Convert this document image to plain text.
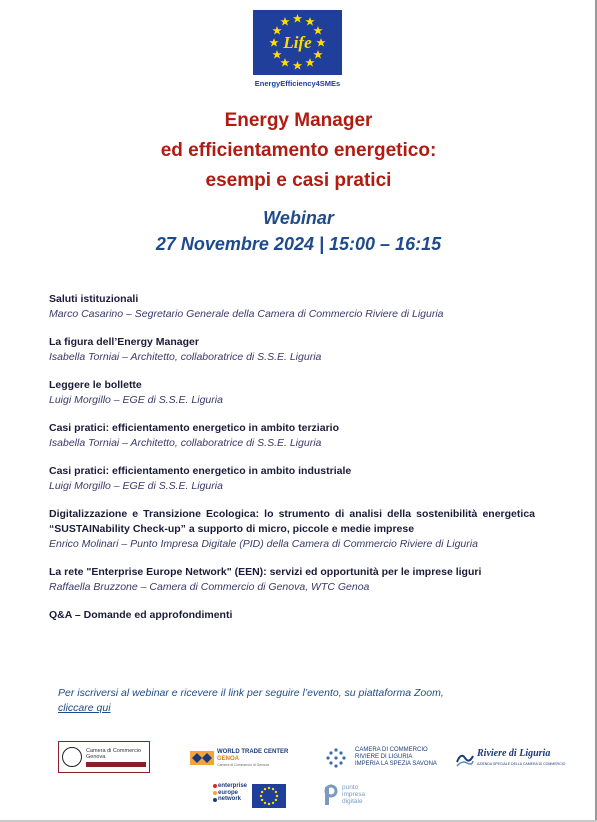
Life
EnergyEfficiency4SMEs
Energy Manager
ed efficientamento energetico:
esempi e casi pratici
Webinar
27 Novembre 2024 | 15:00 – 16:15
Saluti istituzionali
Marco Casarino – Segretario Generale della Camera di Commercio Riviere di Liguria
La figura dell’Energy Manager
Isabella Torniai – Architetto, collaboratrice di S.S.E. Liguria
Leggere le bollette
Luigi Morgillo – EGE di S.S.E. Liguria
Casi pratici: efficientamento energetico in ambito terziario
Isabella Torniai – Architetto, collaboratrice di S.S.E. Liguria
Casi pratici: efficientamento energetico in ambito industriale
Luigi Morgillo – EGE di S.S.E. Liguria
Digitalizzazione e Transizione Ecologica: lo strumento di analisi della sostenibilità energetica “SUSTAINability Check-up” a supporto di micro, piccole e medie imprese
Enrico Molinari – Punto Impresa Digitale (PID) della Camera di Commercio Riviere di Liguria
La rete "Enterprise Europe Network" (EEN): servizi ed opportunità per le imprese liguri
Raffaella Bruzzone – Camera di Commercio di Genova, WTC Genoa
Q&A – Domande ed approfondimenti
Per iscriversi al webinar e ricevere il link per seguire l’evento, su piattaforma Zoom,
cliccare qui
Camera di Commercio
Genova
WORLD TRADE CENTER
GENOA
Camera di Commercio di Genova
CAMERA DI COMMERCIO
RIVIERE DI LIGURIA
IMPERIA LA SPEZIA SAVONA
Riviere di Liguria
AZIENDA SPECIALE DELLA CAMERA DI COMMERCIO
enterprise
europe
network
punto
impresa
digitale
